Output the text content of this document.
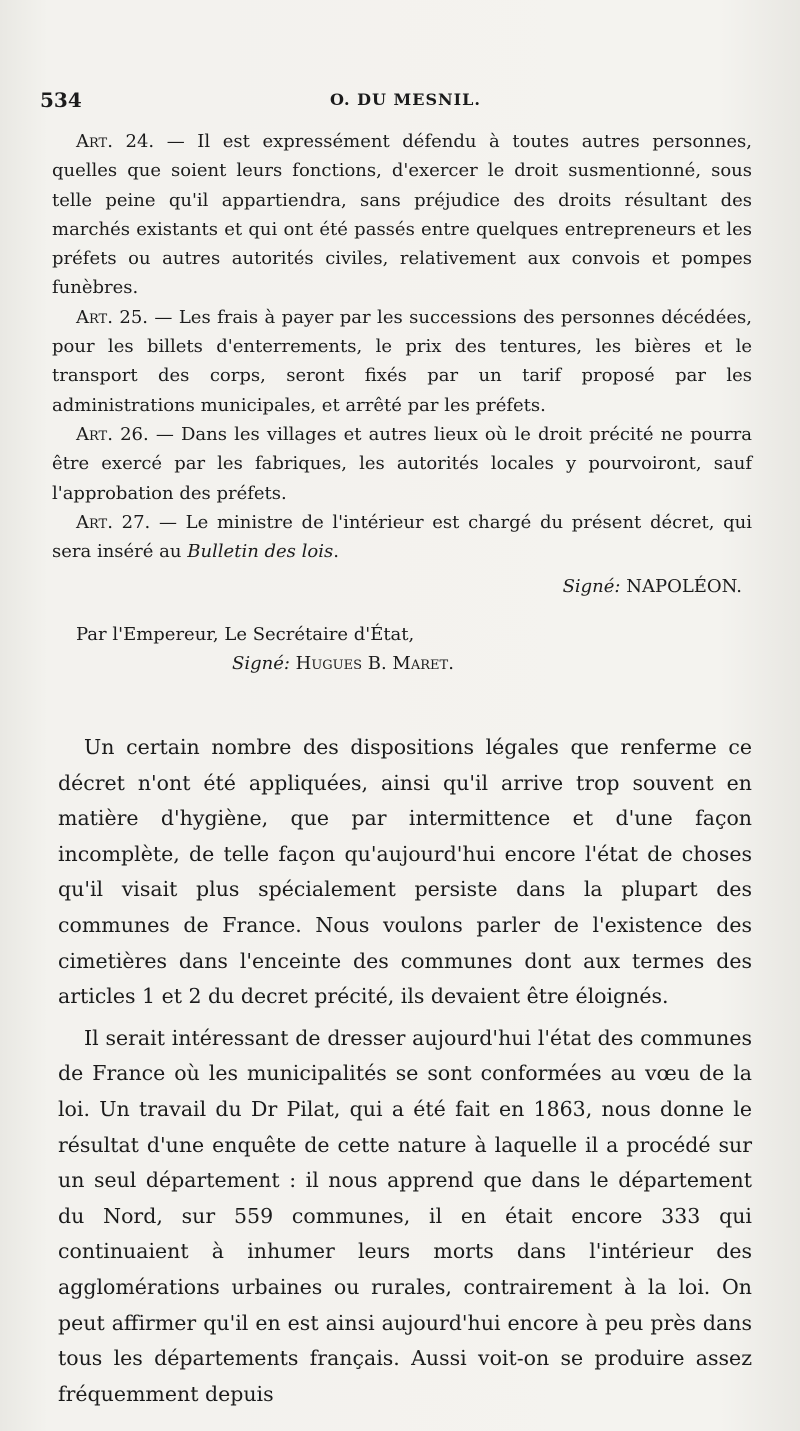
534	O. DU MESNIL.

Art. 24. — Il est expressément défendu à toutes autres personnes, quelles que soient leurs fonctions, d'exercer le droit susmentionné, sous telle peine qu'il appartiendra, sans préjudice des droits résultant des marchés existants et qui ont été passés entre quelques entrepreneurs et les préfets ou autres autorités civiles, relativement aux convois et pompes funèbres.

Art. 25. — Les frais à payer par les successions des personnes décédées, pour les billets d'enterrements, le prix des tentures, les bières et le transport des corps, seront fixés par un tarif proposé par les administrations municipales, et arrêté par les préfets.

Art. 26. — Dans les villages et autres lieux où le droit précité ne pourra être exercé par les fabriques, les autorités locales y pourvoiront, sauf l'approbation des préfets.

Art. 27. — Le ministre de l'intérieur est chargé du présent décret, qui sera inséré au Bulletin des lois.

Signé: NAPOLÉON.

Par l'Empereur, Le Secrétaire d'État,

Signé: Hugues B. Maret.

Un certain nombre des dispositions légales que renferme ce décret n'ont été appliquées, ainsi qu'il arrive trop souvent en matière d'hygiène, que par intermittence et d'une façon incomplète, de telle façon qu'aujourd'hui encore l'état de choses qu'il visait plus spécialement persiste dans la plupart des communes de France. Nous voulons parler de l'existence des cimetières dans l'enceinte des communes dont aux termes des articles 1 et 2 du decret précité, ils devaient être éloignés.

Il serait intéressant de dresser aujourd'hui l'état des communes de France où les municipalités se sont conformées au vœu de la loi. Un travail du Dr Pilat, qui a été fait en 1863, nous donne le résultat d'une enquête de cette nature à laquelle il a procédé sur un seul département : il nous apprend que dans le département du Nord, sur 559 communes, il en était encore 333 qui continuaient à inhumer leurs morts dans l'intérieur des agglomérations urbaines ou rurales, contrairement à la loi. On peut affirmer qu'il en est ainsi aujourd'hui encore à peu près dans tous les départements français. Aussi voit-on se produire assez fréquemment depuis
